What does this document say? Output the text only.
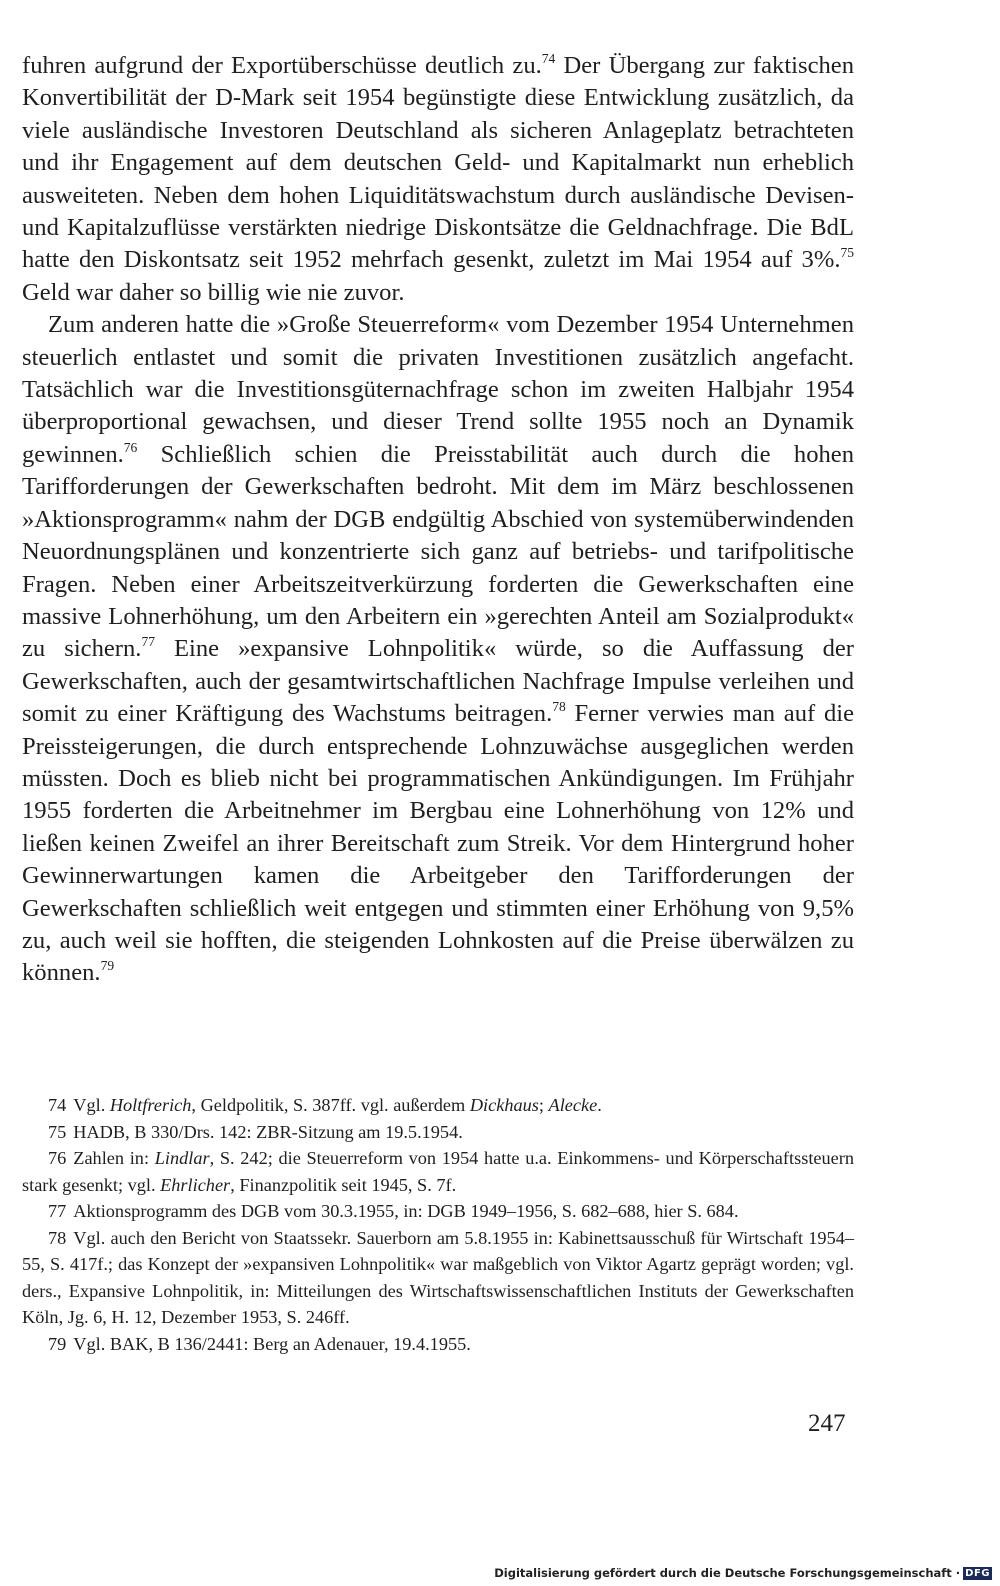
fuhren aufgrund der Exportüberschüsse deutlich zu.$^{74}$ Der Übergang zur faktischen Konvertibilität der D-Mark seit 1954 begünstigte diese Entwicklung zusätzlich, da viele ausländische Investoren Deutschland als sicheren Anlageplatz betrachteten und ihr Engagement auf dem deutschen Geld- und Kapitalmarkt nun erheblich ausweiteten. Neben dem hohen Liquiditätswachstum durch ausländische Devisen- und Kapitalzuflüsse verstärkten niedrige Diskontsätze die Geldnachfrage. Die BdL hatte den Diskontsatz seit 1952 mehrfach gesenkt, zuletzt im Mai 1954 auf 3%.$^{75}$ Geld war daher so billig wie nie zuvor.

Zum anderen hatte die »Große Steuerreform« vom Dezember 1954 Unternehmen steuerlich entlastet und somit die privaten Investitionen zusätzlich angefacht. Tatsächlich war die Investitionsgüternachfrage schon im zweiten Halbjahr 1954 überproportional gewachsen, und dieser Trend sollte 1955 noch an Dynamik gewinnen.$^{76}$ Schließlich schien die Preisstabilität auch durch die hohen Tarifforderungen der Gewerkschaften bedroht. Mit dem im März beschlossenen »Aktionsprogramm« nahm der DGB endgültig Abschied von systemüberwindenden Neuordnungsplänen und konzentrierte sich ganz auf betriebs- und tarifpolitische Fragen. Neben einer Arbeitszeitverkürzung forderten die Gewerkschaften eine massive Lohnerhöhung, um den Arbeitern ein »gerechten Anteil am Sozialprodukt« zu sichern.$^{77}$ Eine »expansive Lohnpolitik« würde, so die Auffassung der Gewerkschaften, auch der gesamtwirtschaftlichen Nachfrage Impulse verleihen und somit zu einer Kräftigung des Wachstums beitragen.$^{78}$ Ferner verwies man auf die Preissteigerungen, die durch entsprechende Lohnzuwächse ausgeglichen werden müssten. Doch es blieb nicht bei programmatischen Ankündigungen. Im Frühjahr 1955 forderten die Arbeitnehmer im Bergbau eine Lohnerhöhung von 12% und ließen keinen Zweifel an ihrer Bereitschaft zum Streik. Vor dem Hintergrund hoher Gewinnerwartungen kamen die Arbeitgeber den Tarifforderungen der Gewerkschaften schließlich weit entgegen und stimmten einer Erhöhung von 9,5% zu, auch weil sie hofften, die steigenden Lohnkosten auf die Preise überwälzen zu können.$^{79}$

74 Vgl. Holtfrerich, Geldpolitik, S. 387ff. vgl. außerdem Dickhaus; Alecke.

75 HADB, B 330/Drs. 142: ZBR-Sitzung am 19.5.1954.

76 Zahlen in: Lindlar, S. 242; die Steuerreform von 1954 hatte u.a. Einkommens- und Körperschaftssteuern stark gesenkt; vgl. Ehrlicher, Finanzpolitik seit 1945, S. 7f.

77 Aktionsprogramm des DGB vom 30.3.1955, in: DGB 1949–1956, S. 682–688, hier S. 684.

78 Vgl. auch den Bericht von Staatssekr. Sauerborn am 5.8.1955 in: Kabinettsausschuß für Wirtschaft 1954–55, S. 417f.; das Konzept der »expansiven Lohnpolitik« war maßgeblich von Viktor Agartz geprägt worden; vgl. ders., Expansive Lohnpolitik, in: Mitteilungen des Wirtschaftswissenschaftlichen Instituts der Gewerkschaften Köln, Jg. 6, H. 12, Dezember 1953, S. 246ff.

79 Vgl. BAK, B 136/2441: Berg an Adenauer, 19.4.1955.

247
Digitalisierung gefördert durch die Deutsche Forschungsgemeinschaft · DFG
